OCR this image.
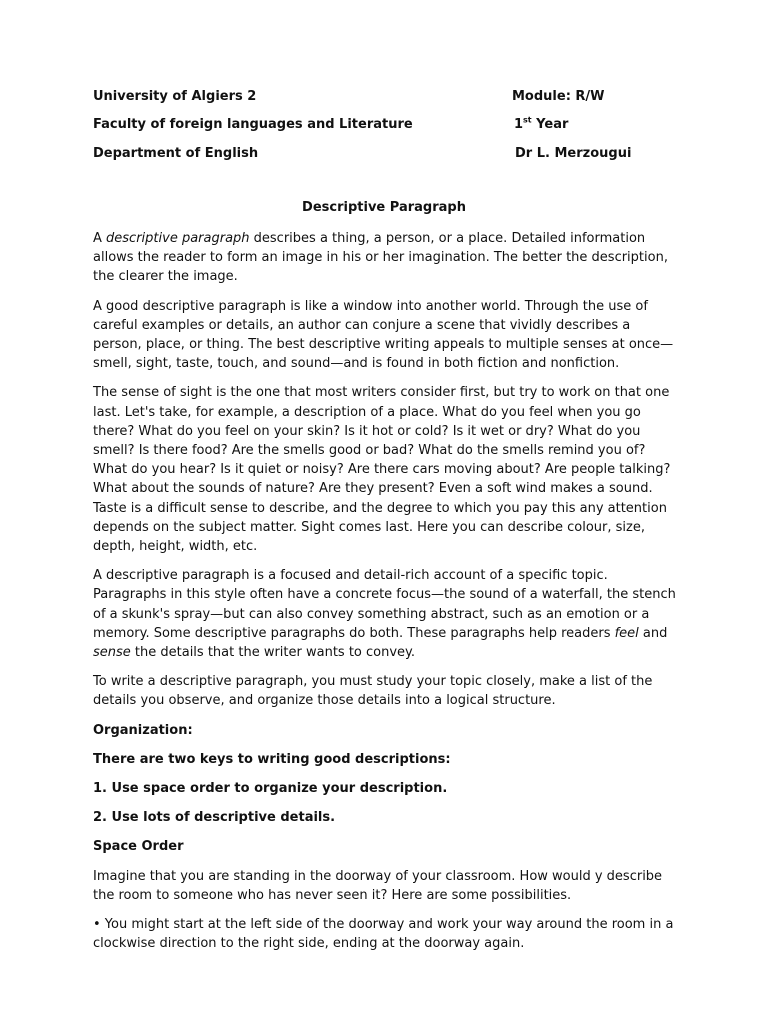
University of Algiers 2
Faculty of foreign languages and Literature
Department of English
Module: R/W
1st Year
Dr L. Merzougui
Descriptive Paragraph

A descriptive paragraph describes a thing, a person, or a place. Detailed information allows the reader to form an image in his or her imagination. The better the description, the clearer the image.

A good descriptive paragraph is like a window into another world. Through the use of careful examples or details, an author can conjure a scene that vividly describes a person, place, or thing. The best descriptive writing appeals to multiple senses at once—smell, sight, taste, touch, and sound—and is found in both fiction and nonfiction.

The sense of sight is the one that most writers consider first, but try to work on that one last. Let's take, for example, a description of a place. What do you feel when you go there? What do you feel on your skin? Is it hot or cold? Is it wet or dry? What do you smell? Is there food? Are the smells good or bad? What do the smells remind you of? What do you hear? Is it quiet or noisy? Are there cars moving about? Are people talking? What about the sounds of nature? Are they present? Even a soft wind makes a sound. Taste is a difficult sense to describe, and the degree to which you pay this any attention depends on the subject matter. Sight comes last. Here you can describe colour, size, depth, height, width, etc.

A descriptive paragraph is a focused and detail-rich account of a specific topic. Paragraphs in this style often have a concrete focus—the sound of a waterfall, the stench of a skunk's spray—but can also convey something abstract, such as an emotion or a memory. Some descriptive paragraphs do both. These paragraphs help readers feel and sense the details that the writer wants to convey.

To write a descriptive paragraph, you must study your topic closely, make a list of the details you observe, and organize those details into a logical structure.

Organization:

There are two keys to writing good descriptions:

1. Use space order to organize your description.

2. Use lots of descriptive details.

Space Order

Imagine that you are standing in the doorway of your classroom. How would y describe the room to someone who has never seen it? Here are some possibilities.

• You might start at the left side of the doorway and work your way around the room in a clockwise direction to the right side, ending at the doorway again.
